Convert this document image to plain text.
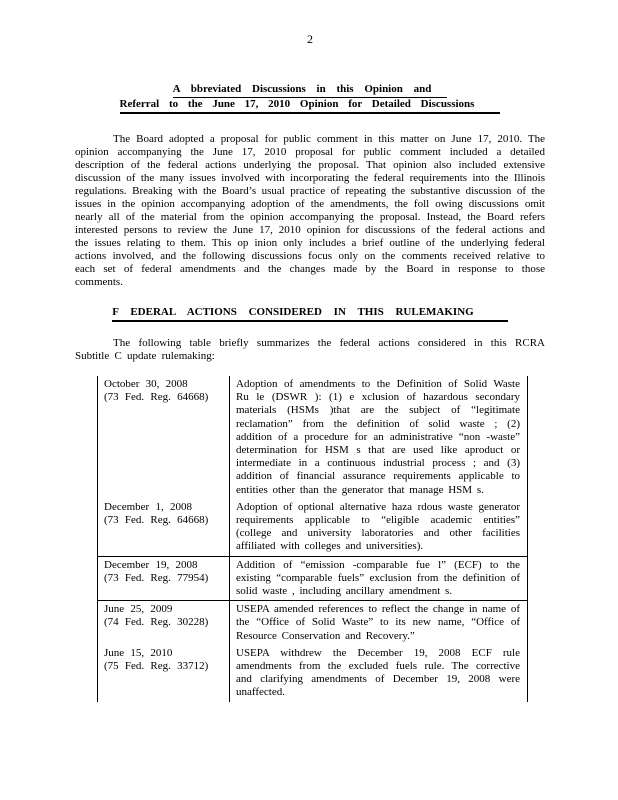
2
A bbreviated Discussions in this Opinion and
Referral to the June 17, 2010 Opinion for Detailed Discussions

The Board adopted a proposal for public comment in this matter on June 17, 2010. The opinion accompanying the June 17, 2010 proposal for public comment included a detailed description of the federal actions underlying the proposal. That opinion also included extensive discussion of the many issues involved with incorporating the federal requirements into the Illinois regulations. Breaking with the Board’s usual practice of repeating the substantive discussion of the issues in the opinion accompanying adoption of the amendments, the foll owing discussions omit nearly all of the material from the opinion accompanying the proposal. Instead, the Board refers interested persons to review the June 17, 2010 opinion for discussions of the federal actions and the issues relating to them. This op inion only includes a brief outline of the underlying federal actions involved, and the following discussions focus only on the comments received relative to each set of federal amendments and the changes made by the Board in response to those comments.

F EDERAL ACTIONS CONSIDERED IN THIS RULEMAKING

The following table briefly summarizes the federal actions considered in this RCRA Subtitle C update rulemaking:

October 30, 2008
(73 Fed. Reg. 64668)	Adoption of amendments to the Definition of Solid Waste Ru le (DSWR ): (1) e xclusion of hazardous secondary materials (HSMs )that are the subject of “legitimate reclamation” from the definition of solid waste ; (2) addition of a procedure for an administrative “non -waste” determination for HSM s that are used like aproduct or intermediate in a continuous industrial process ; and (3) addition of financial assurance requirements applicable to entities other than the generator that manage HSM s.

December 1, 2008
(73 Fed. Reg. 64668)	Adoption of optional alternative haza rdous waste generator requirements applicable to “eligible academic entities” (college and university laboratories and other facilities affiliated with colleges and universities).

December 19, 2008
(73 Fed. Reg. 77954)	Addition of “emission -comparable fue l” (ECF) to the existing “comparable fuels” exclusion from the definition of solid waste , including ancillary amendment s.

June 25, 2009
(74 Fed. Reg. 30228)	USEPA amended references to reflect the change in name of the “Office of Solid Waste” to its new name, “Office of Resource Conservation and Recovery.”

June 15, 2010
(75 Fed. Reg. 33712)	USEPA withdrew the December 19, 2008 ECF rule amendments from the excluded fuels rule. The corrective and clarifying amendments of December 19, 2008 were unaffected.
